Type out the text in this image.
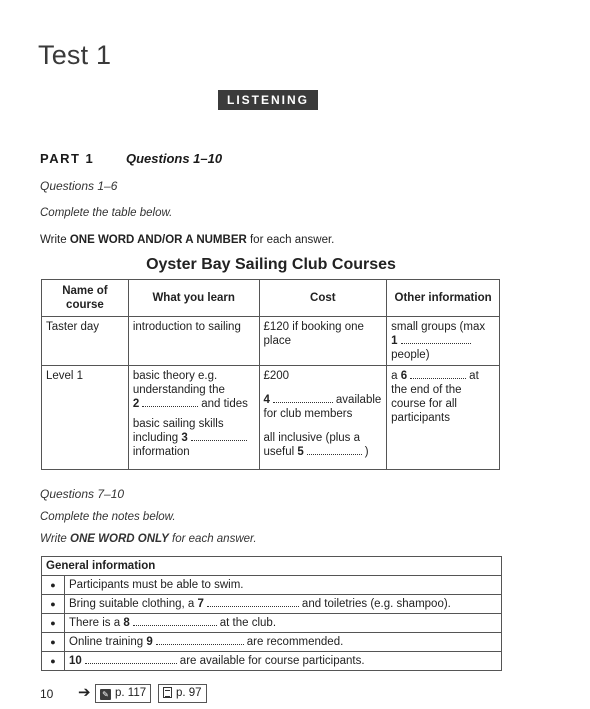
Test 1
LISTENING
PART 1 Questions 1–10
Questions 1–6
Complete the table below.
Write ONE WORD AND/OR A NUMBER for each answer.
Oyster Bay Sailing Club Courses
Name of course	What you learn	Cost	Other information
Taster day	introduction to sailing	£120 if booking one place	small groups (max
1
people)
Level 1	basic theory e.g. understanding the
2 and tides
basic sailing skills including 3
information	£200
4 available for club members
all inclusive (plus a useful 5 )	a 6 at the end of the course for all participants
Questions 7–10
Complete the notes below.
Write ONE WORD ONLY for each answer.
General information	
●	Participants must be able to swim.
●	Bring suitable clothing, a 7 and toiletries (e.g. shampoo).
●	There is a 8 at the club.
●	Online training 9 are recommended.
●	10 are available for course participants.
10 ➔	✎ p. 117	p. 97
